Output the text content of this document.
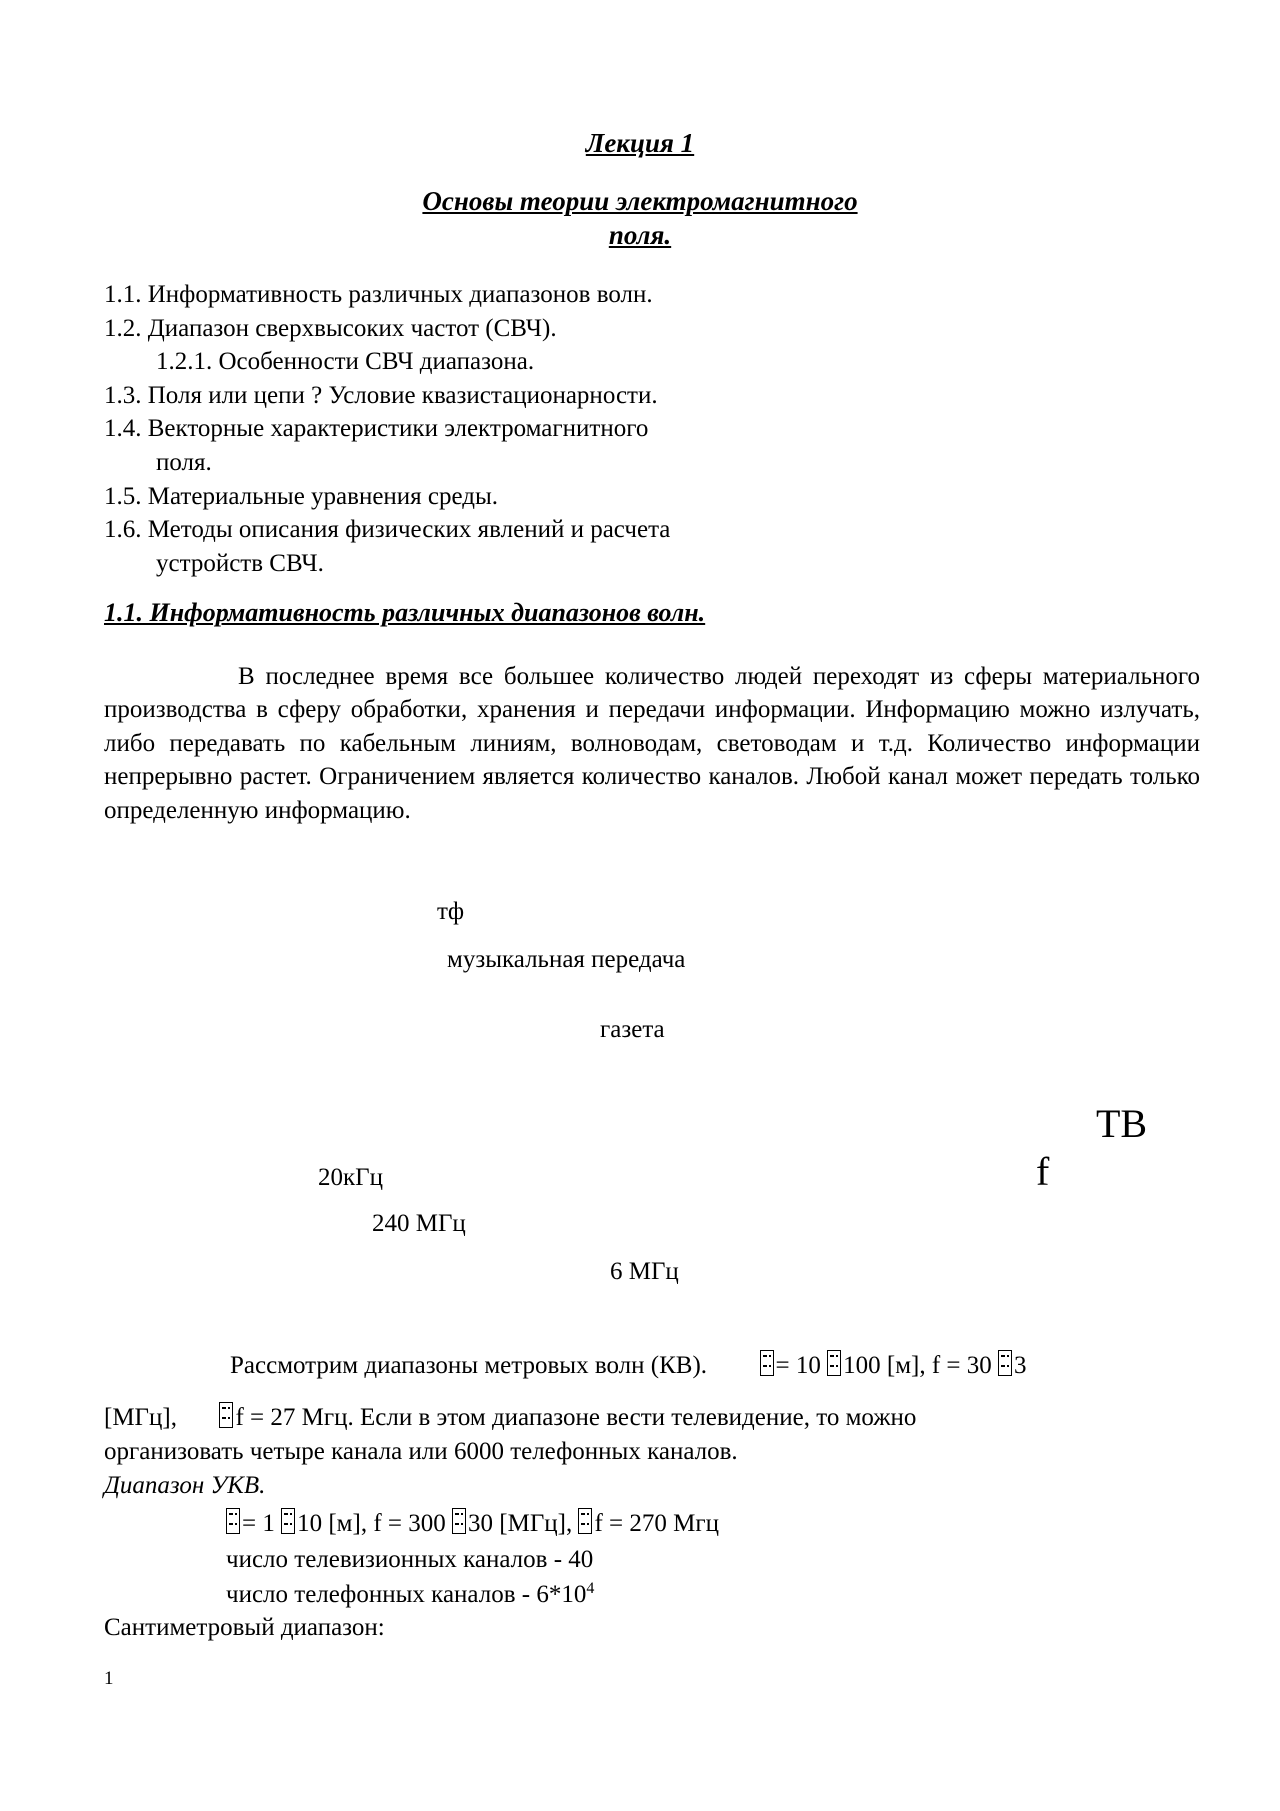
Лекция 1
Основы теории электромагнитного
поля.
1.1. Информативность различных диапазонов волн.
1.2. Диапазон сверхвысоких частот (СВЧ).
1.2.1. Особенности СВЧ диапазона.
1.3. Поля или цепи ? Условие квазистационарности.
1.4. Векторные характеристики электромагнитного
поля.
1.5. Материальные уравнения среды.
1.6. Методы описания физических явлений и расчета
устройств СВЧ.
1.1. Информативность различных диапазонов волн.
В последнее время все большее количество людей переходят из сферы материального производства в сферу обработки, хранения и передачи информации. Информацию можно излучать, либо передавать по кабельным линиям, волноводам, световодам и т.д. Количество информации непрерывно растет. Ограничением является количество каналов. Любой канал может передать только определенную информацию.
тф
музыкальная передача
газета
ТВ
f
20кГц
240 МГц
6 МГц
Рассмотрим диапазоны метровых волн (КВ).	= 10 100 [м], f = 30 3
[МГц], f = 27 Мгц. Если в этом диапазоне вести телевидение, то можно
организовать четыре канала или 6000 телефонных каналов.
Диапазон УКВ.
= 1 10 [м], f = 300 30 [МГц], f = 270 Мгц
число телевизионных каналов - 40
число телефонных каналов - $6*10^4$
Сантиметровый диапазон:
1
